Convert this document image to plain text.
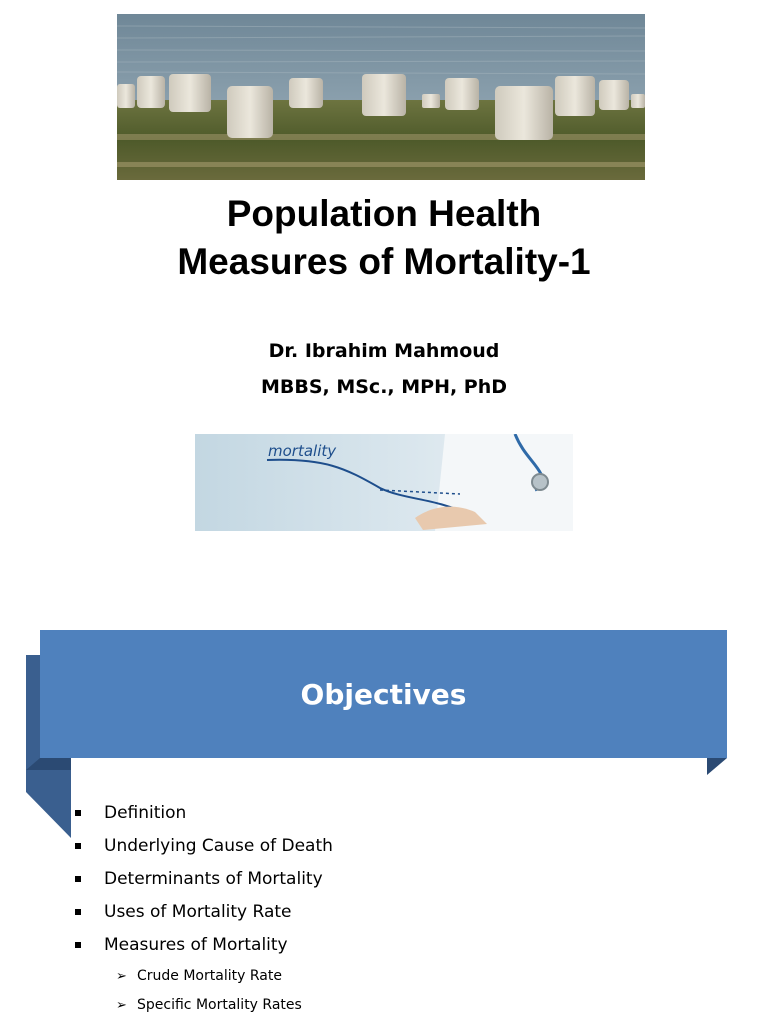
Population Health
Measures of Mortality-1
Dr. Ibrahim Mahmoud
MBBS, MSc., MPH, PhD
mortality
Objectives
Definition
Underlying Cause of Death
Determinants of Mortality
Uses of Mortality Rate
Measures of Mortality
➢ Crude Mortality Rate
➢ Specific Mortality Rates
